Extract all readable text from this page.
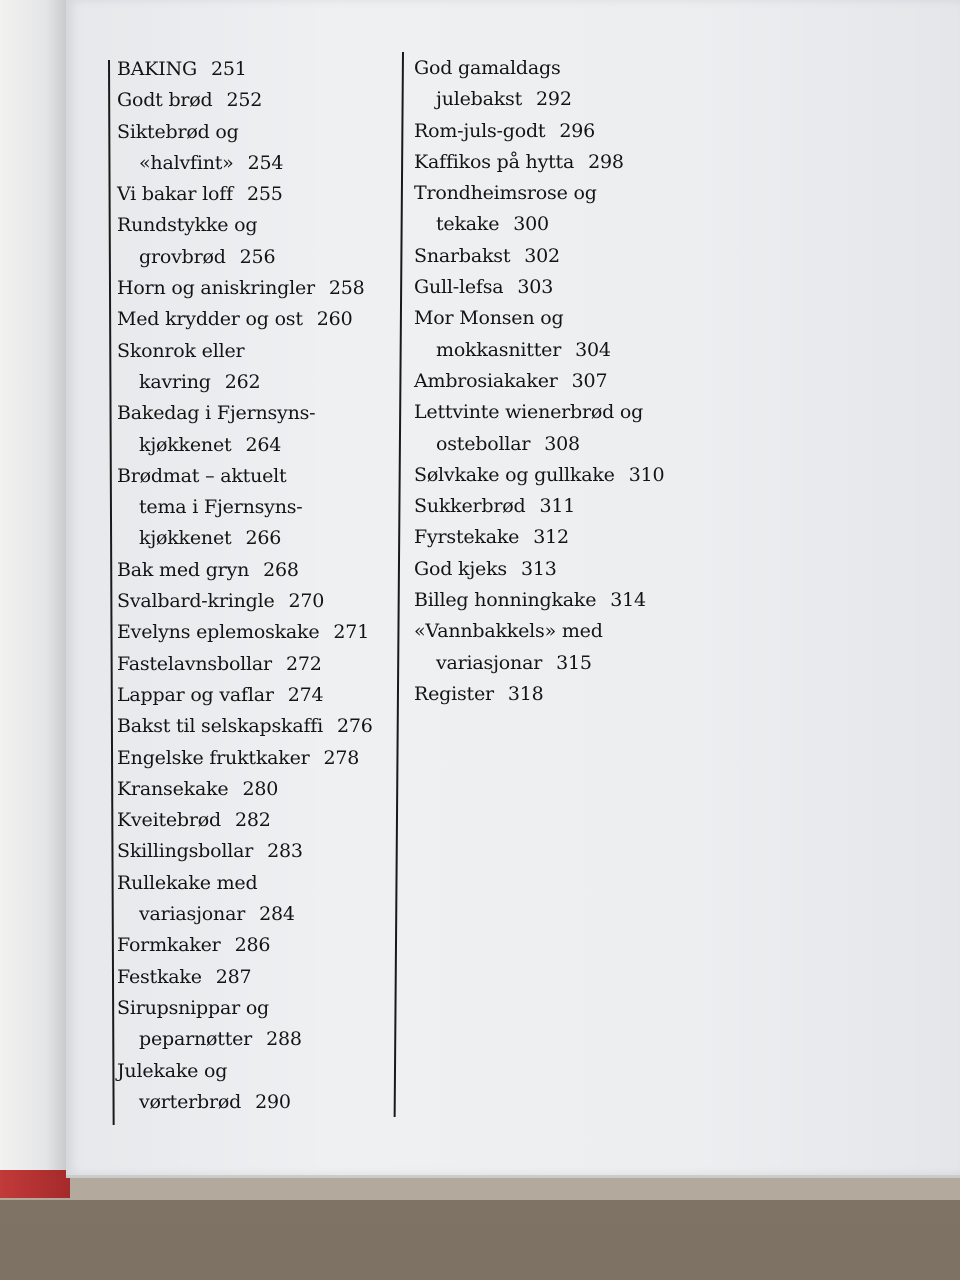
BAKING 251
Godt brød 252
Siktebrød og
«halvfint» 254
Vi bakar loff 255
Rundstykke og
grovbrød 256
Horn og aniskringler 258
Med krydder og ost 260
Skonrok eller
kavring 262
Bakedag i Fjernsyns-
kjøkkenet 264
Brødmat – aktuelt
tema i Fjernsyns-
kjøkkenet 266
Bak med gryn 268
Svalbard-kringle 270
Evelyns eplemoskake 271
Fastelavnsbollar 272
Lappar og vaflar 274
Bakst til selskapskaffi 276
Engelske fruktkaker 278
Kransekake 280
Kveitebrød 282
Skillingsbollar 283
Rullekake med
variasjonar 284
Formkaker 286
Festkake 287
Sirupsnippar og
peparnøtter 288
Julekake og
vørterbrød 290
God gamaldags
julebakst 292
Rom-juls-godt 296
Kaffikos på hytta 298
Trondheimsrose og
tekake 300
Snarbakst 302
Gull-lefsa 303
Mor Monsen og
mokkasnitter 304
Ambrosiakaker 307
Lettvinte wienerbrød og
ostebollar 308
Sølvkake og gullkake 310
Sukkerbrød 311
Fyrstekake 312
God kjeks 313
Billeg honningkake 314
«Vannbakkels» med
variasjonar 315
Register 318
